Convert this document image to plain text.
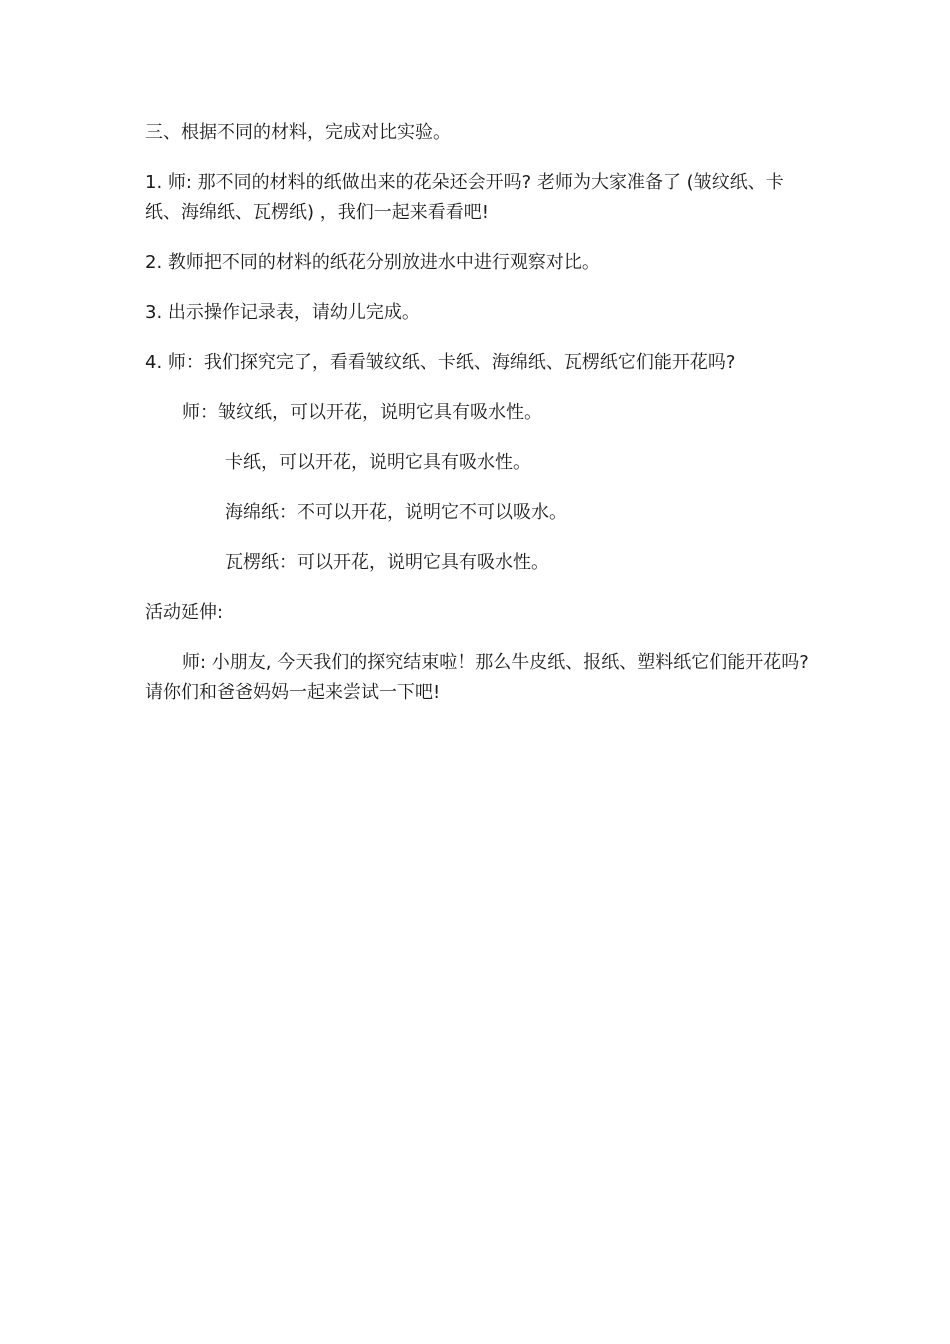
三、根据不同的材料，完成对比实验。

1. 师: 那不同的材料的纸做出来的花朵还会开吗? 老师为大家准备了 (皱纹纸、卡纸、海绵纸、瓦楞纸) ，我们一起来看看吧!

2. 教师把不同的材料的纸花分别放进水中进行观察对比。

3. 出示操作记录表，请幼儿完成。

4. 师：我们探究完了，看看皱纹纸、卡纸、海绵纸、瓦楞纸它们能开花吗?

师：皱纹纸，可以开花，说明它具有吸水性。

卡纸，可以开花，说明它具有吸水性。

海绵纸：不可以开花，说明它不可以吸水。

瓦楞纸：可以开花，说明它具有吸水性。

活动延伸:

师: 小朋友, 今天我们的探究结束啦！那么牛皮纸、报纸、塑料纸它们能开花吗? 请你们和爸爸妈妈一起来尝试一下吧!
